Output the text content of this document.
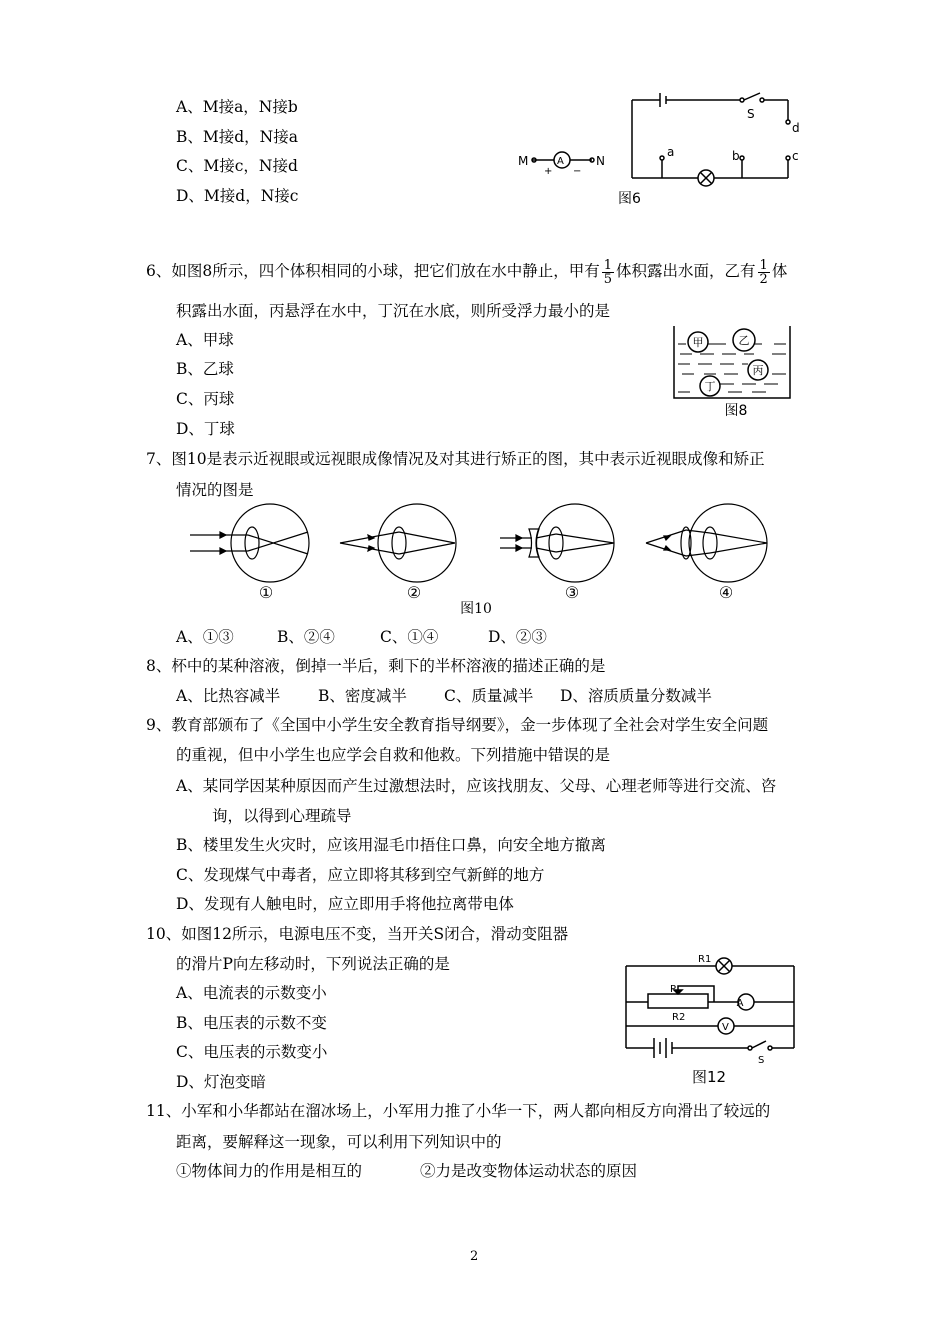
A、M接a，N接b
B、M接d，N接a
C、M接c，N接d
D、M接d，N接c
M	A
+ −
N
S
d
a	b	c
图6
6、如图8所示，四个体积相同的小球，把它们放在水中静止，甲有 $\frac{1}{5}$ 体积露出水面，乙有 $\frac{1}{2}$ 体
积露出水面，丙悬浮在水中，丁沉在水底，则所受浮力最小的是
A、甲球
B、乙球
C、丙球
D、丁球
甲	乙
丙
丁
图8
7、图10是表示近视眼或远视眼成像情况及对其进行矫正的图，其中表示近视眼成像和矫正
情况的图是
①	②	③	④
图10
A、①③	B、②④	C、①④	D、②③
8、杯中的某种溶液，倒掉一半后，剩下的半杯溶液的描述正确的是
A、比热容减半 B、密度减半 C、质量减半 D、溶质质量分数减半
9、教育部颁布了《全国中小学生安全教育指导纲要》，金一步体现了全社会对学生安全问题
的重视，但中小学生也应学会自救和他救。下列措施中错误的是
A、某同学因某种原因而产生过激想法时，应该找朋友、父母、心理老师等进行交流、咨
询，以得到心理疏导
B、楼里发生火灾时，应该用湿毛巾捂住口鼻，向安全地方撤离
C、发现煤气中毒者，应立即将其移到空气新鲜的地方
D、发现有人触电时，应立即用手将他拉离带电体
10、如图12所示，电源电压不变，当开关S闭合，滑动变阻器
的滑片P向左移动时，下列说法正确的是
A、电流表的示数变小
B、电压表的示数不变
C、电压表的示数变小
D、灯泡变暗
R1
A
P
R2
V
S
图12
11、小军和小华都站在溜冰场上，小军用力推了小华一下，两人都向相反方向滑出了较远的
距离，要解释这一现象，可以利用下列知识中的
①物体间力的作用是相互的	②力是改变物体运动状态的原因
2
